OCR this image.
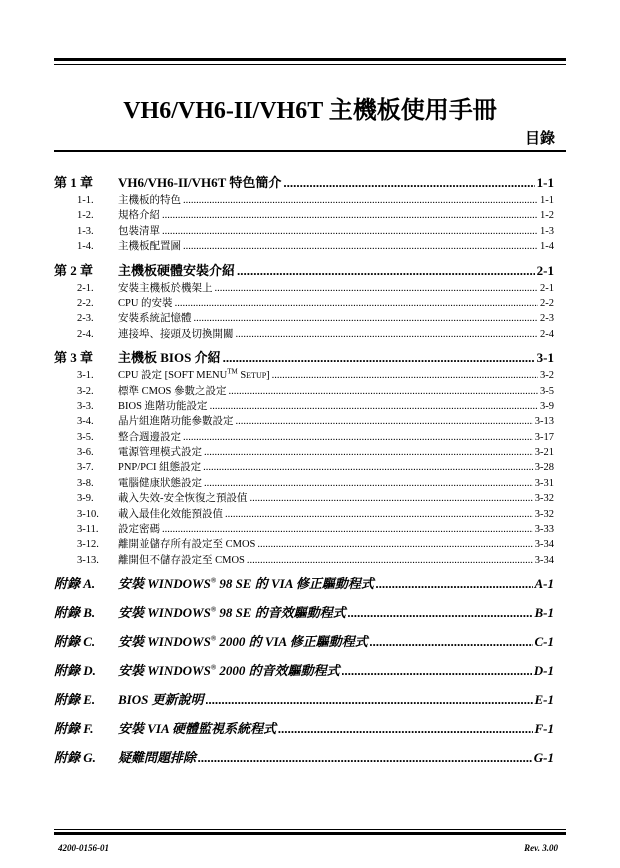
VH6/VH6-II/VH6T 主機板使用手冊
目錄
第 1 章	VH6/VH6-II/VH6T 特色簡介 .....	1-1
1-1.	主機板的特色 .....	1-1
1-2.	規格介紹 .....	1-2
1-3.	包裝清單 .....	1-3
1-4.	主機板配置圖 .....	1-4
第 2 章	主機板硬體安裝介紹 .....	2-1
2-1.	安裝主機板於機架上 .....	2-1
2-2.	CPU 的安裝 .....	2-2
2-3.	安裝系統記憶體 .....	2-3
2-4.	連接埠、接頭及切換開關 .....	2-4
第 3 章	主機板 BIOS 介紹 .....	3-1
3-1.	CPU 設定 [SOFT MENU™ SETUP] .....	3-2
3-2.	標準 CMOS 參數之設定 .....	3-5
3-3.	BIOS 進階功能設定 .....	3-9
3-4.	晶片組進階功能參數設定 .....	3-13
3-5.	整合週邊設定 .....	3-17
3-6.	電源管理模式設定 .....	3-21
3-7.	PNP/PCI 組態設定 .....	3-28
3-8.	電腦健康狀態設定 .....	3-31
3-9.	載入失效-安全恢復之預設值 .....	3-32
3-10.	載入最佳化效能預設值 .....	3-32
3-11.	設定密碼 .....	3-33
3-12.	離開並儲存所有設定至 CMOS .....	3-34
3-13.	離開但不儲存設定至 CMOS .....	3-34
附錄 A.	安裝 WINDOWS® 98 SE 的 VIA 修正驅動程式 .....	A-1
附錄 B.	安裝 WINDOWS® 98 SE 的音效驅動程式 .....	B-1
附錄 C.	安裝 WINDOWS® 2000 的 VIA 修正驅動程式 .....	C-1
附錄 D.	安裝 WINDOWS® 2000 的音效驅動程式 .....	D-1
附錄 E.	BIOS 更新說明 .....	E-1
附錄 F.	安裝 VIA 硬體監視系統程式 .....	F-1
附錄 G.	疑難問題排除 .....	G-1
4200-0156-01	Rev. 3.00
